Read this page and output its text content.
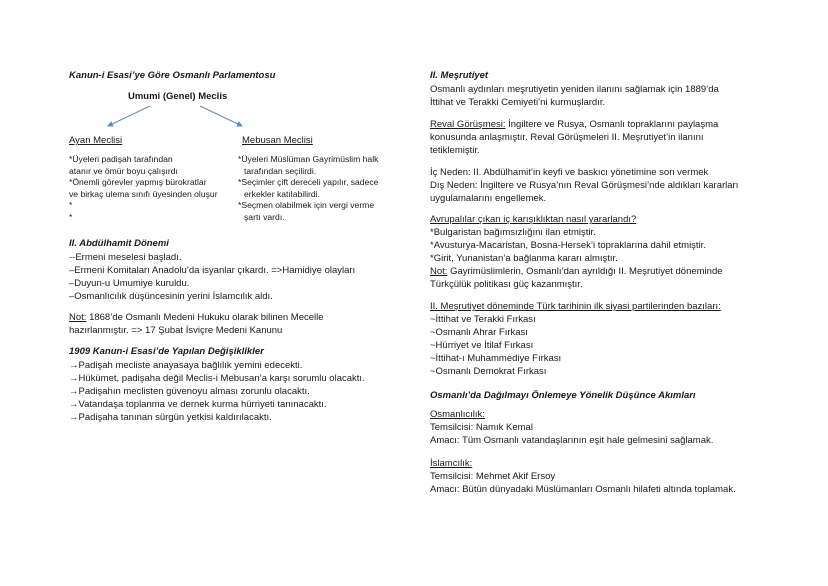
Kanun-i Esasi’ye Göre Osmanlı Parlamentosu
Umumi (Genel) Meclis
Ayan Meclisi	Mebusan Meclisi
*Üyeleri padişah tarafından
atanır ve ömür boyu çalışırdı
*Önemli görevler yapmış bürokratlar
ve birkaç ulema sınıfı üyesinden oluşur
*
*
*Üyeleri Müslüman Gayrimüslim halk
tarafından seçilirdi.
*Seçimler çift dereceli yapılır, sadece
erkekler katılabilirdi.
*Seçmen olabilmek için vergi verme
şartı vardı.
II. Abdülhamit Dönemi
--Ermeni meselesi başladı.
–Ermeni Komitaları Anadolu’da isyanlar çıkardı. =>Hamidiye olayları
–Duyun-u Umumiye kuruldu.
–Osmanlıcılık düşüncesinin yerini İslamcılık aldı.
Not: 1868’de Osmanlı Medeni Hukuku olarak bilinen Mecelle
hazırlanmıştır. => 17 Şubat İsviçre Medeni Kanunu
1909 Kanun-i Esasi’de Yapılan Değişiklikler
→Padişah mecliste anayasaya bağlılık yemini edecekti.
→Hükümet, padişaha değil Meclis-i Mebusan’a karşı sorumlu olacaktı.
→Padişahın meclisten güvenoyu alması zorunlu olacaktı.
→Vatandaşa toplanma ve dernek kurma hürriyeti tanınacaktı.
→Padişaha tanınan sürgün yetkisi kaldırılacaktı.
II. Meşrutiyet
Osmanlı aydınları meşrutiyetin yeniden ilanını sağlamak için 1889’da
İttihat ve Terakki Cemiyeti’ni kurmuşlardır.
Reval Görüşmesi: İngiltere ve Rusya, Osmanlı topraklarını paylaşma
konusunda anlaşmıştır. Reval Görüşmeleri II. Meşrutiyet’in ilanını
tetiklemiştir.
İç Neden: II. Abdülhamit’in keyfi ve baskıcı yönetimine son vermek
Dış Neden: İngiltere ve Rusya’nın Reval Görüşmesi’nde aldıkları kararları
uygulamalarını engellemek.
Avrupalılar çıkan iç karışıklıktan nasıl yararlandı?
*Bulgaristan bağımsızlığını ilan etmiştir.
*Avusturya-Macaristan, Bosna-Hersek’i topraklarına dahil etmiştir.
*Girit, Yunanistan’a bağlanma kararı almıştır.
Not: Gayrimüslimlerin, Osmanlı’dan ayrıldığı II. Meşrutiyet döneminde
Türkçülük politikası güç kazanmıştır.
II. Meşrutiyet döneminde Türk tarihinin ilk siyasi partilerinden bazıları:
~İttihat ve Terakki Fırkası
~Osmanlı Ahrar Fırkası
~Hürriyet ve İtilaf Fırkası
~İttihat-ı Muhammediye Fırkası
~Osmanlı Demokrat Fırkası
Osmanlı’da Dağılmayı Önlemeye Yönelik Düşünce Akımları
Osmanlıcılık:
Temsilcisi: Namık Kemal
Amacı: Tüm Osmanlı vatandaşlarının eşit hale gelmesini sağlamak.
İslamcılık:
Temsilcisi: Mehmet Akif Ersoy
Amacı: Bütün dünyadaki Müslümanları Osmanlı hilafeti altında toplamak.
